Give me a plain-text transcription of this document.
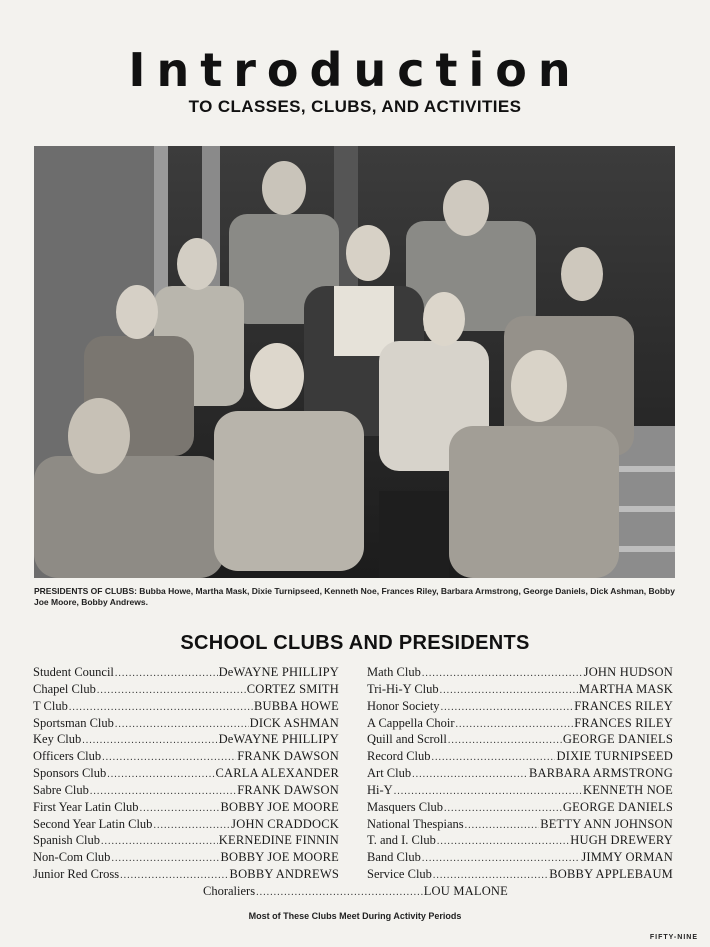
Introduction
TO CLASSES, CLUBS, AND ACTIVITIES
PRESIDENTS OF CLUBS: Bubba Howe, Martha Mask, Dixie Turnipseed, Kenneth Noe, Frances Riley, Barbara Armstrong, George Daniels, Dick Ashman, Bobby Joe Moore, Bobby Andrews.
SCHOOL CLUBS AND PRESIDENTS
Student Council .....	DeWAYNE PHILLIPY
Chapel Club .....	CORTEZ SMITH
T Club .....	BUBBA HOWE
Sportsman Club .....	DICK ASHMAN
Key Club .....	DeWAYNE PHILLIPY
Officers Club .....	FRANK DAWSON
Sponsors Club .....	CARLA ALEXANDER
Sabre Club .....	FRANK DAWSON
First Year Latin Club .....	BOBBY JOE MOORE
Second Year Latin Club .....	JOHN CRADDOCK
Spanish Club .....	KERNEDINE FINNIN
Non-Com Club .....	BOBBY JOE MOORE
Junior Red Cross .....	BOBBY ANDREWS
Math Club .....	JOHN HUDSON
Tri-Hi-Y Club .....	MARTHA MASK
Honor Society .....	FRANCES RILEY
A Cappella Choir .....	FRANCES RILEY
Quill and Scroll .....	GEORGE DANIELS
Record Club .....	DIXIE TURNIPSEED
Art Club .....	BARBARA ARMSTRONG
Hi-Y .....	KENNETH NOE
Masquers Club .....	GEORGE DANIELS
National Thespians .....	BETTY ANN JOHNSON
T. and I. Club .....	HUGH DREWERY
Band Club .....	JIMMY ORMAN
Service Club .....	BOBBY APPLEBAUM
Choraliers .....	LOU MALONE
Most of These Clubs Meet During Activity Periods
FIFTY-NINE
